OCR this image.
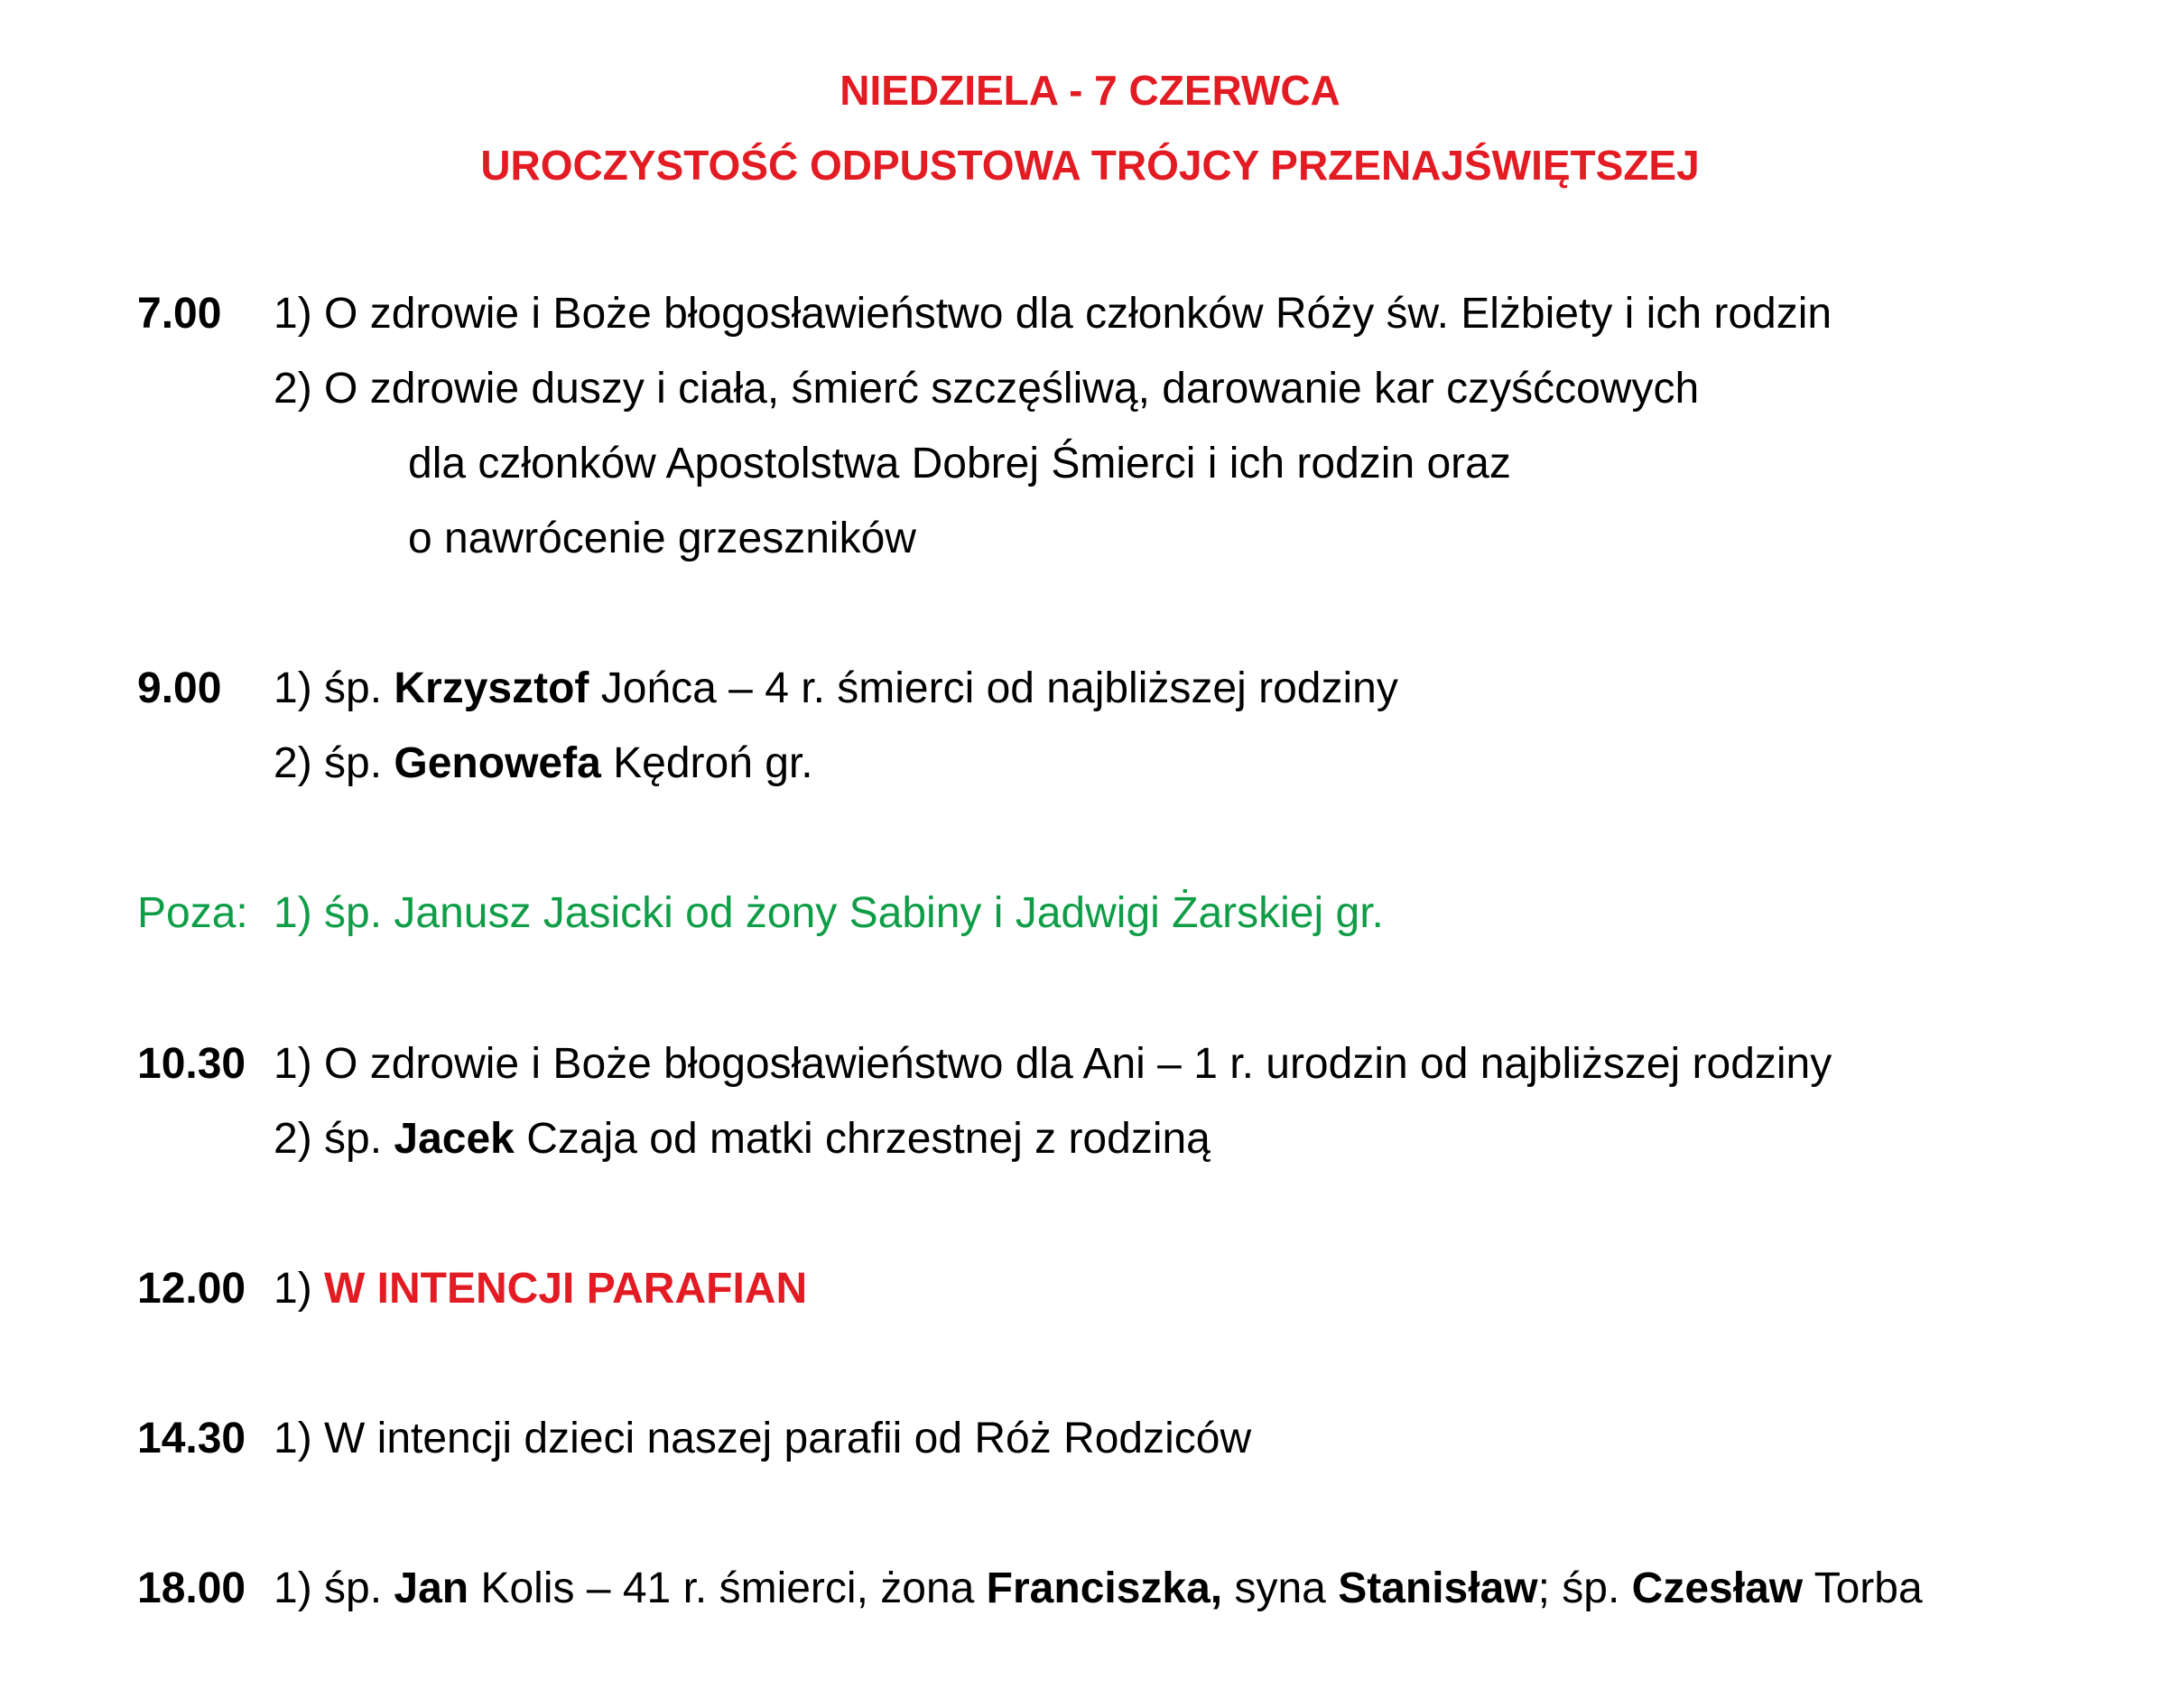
NIEDZIELA - 7 CZERWCA
UROCZYSTOŚĆ ODPUSTOWA TRÓJCY PRZENAJŚWIĘTSZEJ
7.00 1) O zdrowie i Boże błogosławieństwo dla członków Róży św. Elżbiety i ich rodzin
2) O zdrowie duszy i ciała, śmierć szczęśliwą, darowanie kar czyśćcowych
dla członków Apostolstwa Dobrej Śmierci i ich rodzin oraz
o nawrócenie grzeszników
9.00 1) śp. Krzysztof Jońca – 4 r. śmierci od najbliższej rodziny
2) śp. Genowefa Kędroń gr.
Poza: 1) śp. Janusz Jasicki od żony Sabiny i Jadwigi Żarskiej gr.
10.30 1) O zdrowie i Boże błogosławieństwo dla Ani – 1 r. urodzin od najbliższej rodziny
2) śp. Jacek Czaja od matki chrzestnej z rodziną
12.00 1) W INTENCJI PARAFIAN
14.30 1) W intencji dzieci naszej parafii od Róż Rodziców
18.00 1) śp. Jan Kolis – 41 r. śmierci, żona Franciszka, syna Stanisław; śp. Czesław Torba
